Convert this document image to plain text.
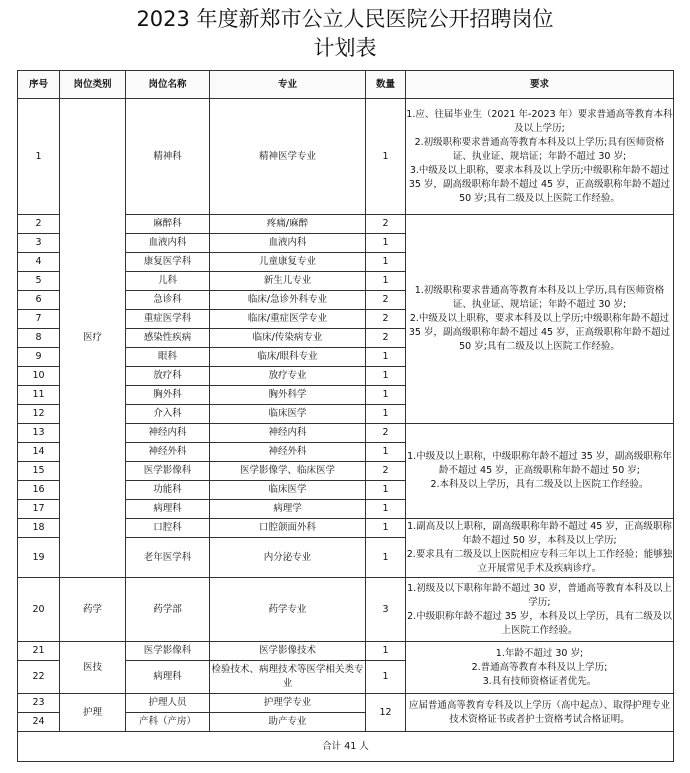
2023 年度新郑市公立人民医院公开招聘岗位
计划表
序号	岗位类别	岗位名称	专业	数量	要求
1	医疗	精神科	精神医学专业	1	1.应、往届毕业生（2021 年-2023 年）要求普通高等教育本科及以上学历;
2.初级职称要求普通高等教育本科及以上学历;具有医师资格证、执业证、规培证；年龄不超过 30 岁;
3.中级及以上职称，要求本科及以上学历;中级职称年龄不超过 35 岁，副高级职称年龄不超过 45 岁，正高级职称年龄不超过 50 岁;具有二级及以上医院工作经验。

2		麻醉科	疼痛/麻醉	2	1.初级职称要求普通高等教育本科及以上学历,具有医师资格证、执业证、规培证；年龄不超过 30 岁;
2.中级及以上职称，要求本科及以上学历;中级职称年龄不超过 35 岁，副高级职称年龄不超过 45 岁，正高级职称年龄不超过 50 岁;具有二级及以上医院工作经验。

3		血液内科	血液内科	1	
4		康复医学科	儿童康复专业	1	
5		儿科	新生儿专业	1	
6		急诊科	临床/急诊外科专业	2	
7		重症医学科	临床/重症医学专业	2	
8		感染性疾病	临床/传染病专业	2	
9		眼科	临床/眼科专业	1	
10		放疗科	放疗专业	1	
11		胸外科	胸外科学	1	
12		介入科	临床医学	1	
13		神经内科	神经内科	2	1.中级及以上职称，中级职称年龄不超过 35 岁，副高级职称年龄不超过 45 岁，正高级职称年龄不超过 50 岁;
2.本科及以上学历，具有二级及以上医院工作经验。

14		神经外科	神经外科	1	
15		医学影像科	医学影像学、临床医学	2	
16		功能科	临床医学	1	
17		病理科	病理学	1	
18		口腔科	口腔颌面外科	1	1.副高及以上职称，副高级职称年龄不超过 45 岁，正高级职称年龄不超过 50 岁，本科及以上学历;
2.要求具有二级及以上医院相应专科三年以上工作经验；能够独立开展常见手术及疾病诊疗。

19		老年医学科	内分泌专业	1	
20	药学	药学部	药学专业	3	1.初级及以下职称年龄不超过 30 岁，普通高等教育本科及以上学历;
2.中级职称年龄不超过 35 岁，本科及以上学历，具有二级及以上医院工作经验。

21	医技	医学影像科	医学影像技术	1	1.年龄不超过 30 岁;
2.普通高等教育本科及以上学历;
3.具有技师资格证者优先。

22		病理科	检验技术、病理技术等医学相关类专业	1	
23	护理	护理人员	护理学专业	12	应届普通高等教育专科及以上学历（高中起点）、取得护理专业技术资格证书或者护士资格考试合格证明。

24		产科（产房）	助产专业		
合计 41 人					
